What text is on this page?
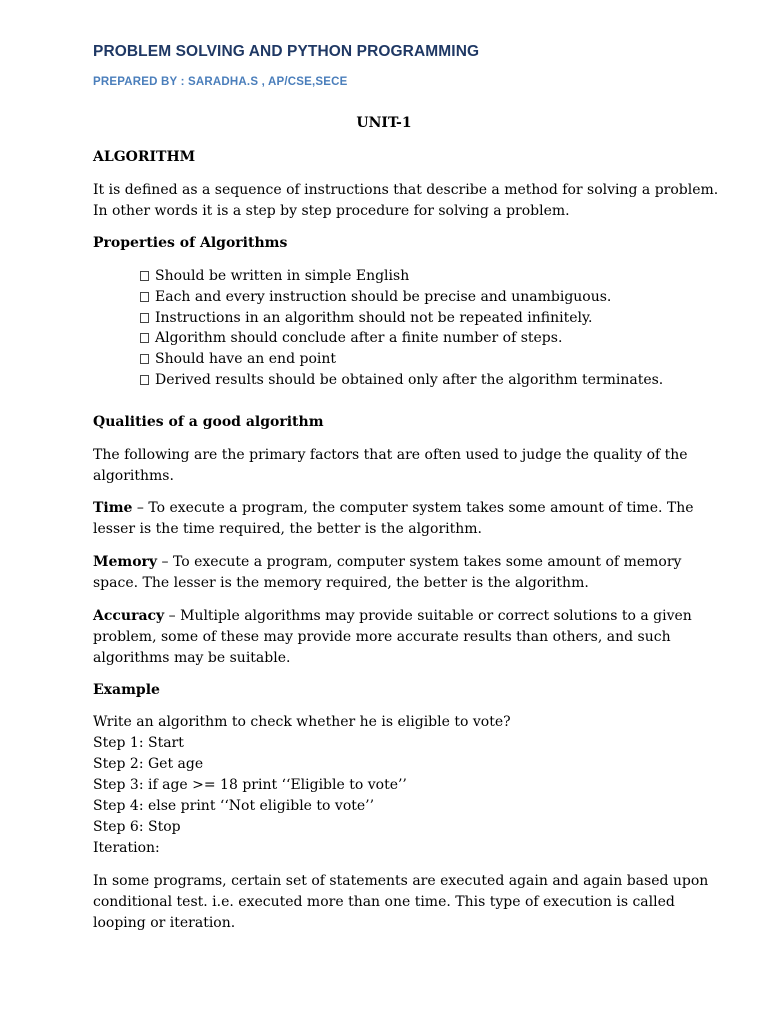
PROBLEM SOLVING AND PYTHON PROGRAMMING
PREPARED BY : SARADHA.S , AP/CSE,SECE
UNIT-1
ALGORITHM
It is defined as a sequence of instructions that describe a method for solving a problem. In other words it is a step by step procedure for solving a problem.
Properties of Algorithms
Should be written in simple English
Each and every instruction should be precise and unambiguous.
Instructions in an algorithm should not be repeated infinitely.
Algorithm should conclude after a finite number of steps.
Should have an end point
Derived results should be obtained only after the algorithm terminates.
Qualities of a good algorithm
The following are the primary factors that are often used to judge the quality of the algorithms.
Time – To execute a program, the computer system takes some amount of time. The lesser is the time required, the better is the algorithm.
Memory – To execute a program, computer system takes some amount of memory space. The lesser is the memory required, the better is the algorithm.
Accuracy – Multiple algorithms may provide suitable or correct solutions to a given problem, some of these may provide more accurate results than others, and such algorithms may be suitable.
Example
Write an algorithm to check whether he is eligible to vote?
Step 1: Start
Step 2: Get age
Step 3: if age >= 18 print ‘‘Eligible to vote’’
Step 4: else print ‘‘Not eligible to vote’’
Step 6: Stop
Iteration:
In some programs, certain set of statements are executed again and again based upon conditional test. i.e. executed more than one time. This type of execution is called looping or iteration.
